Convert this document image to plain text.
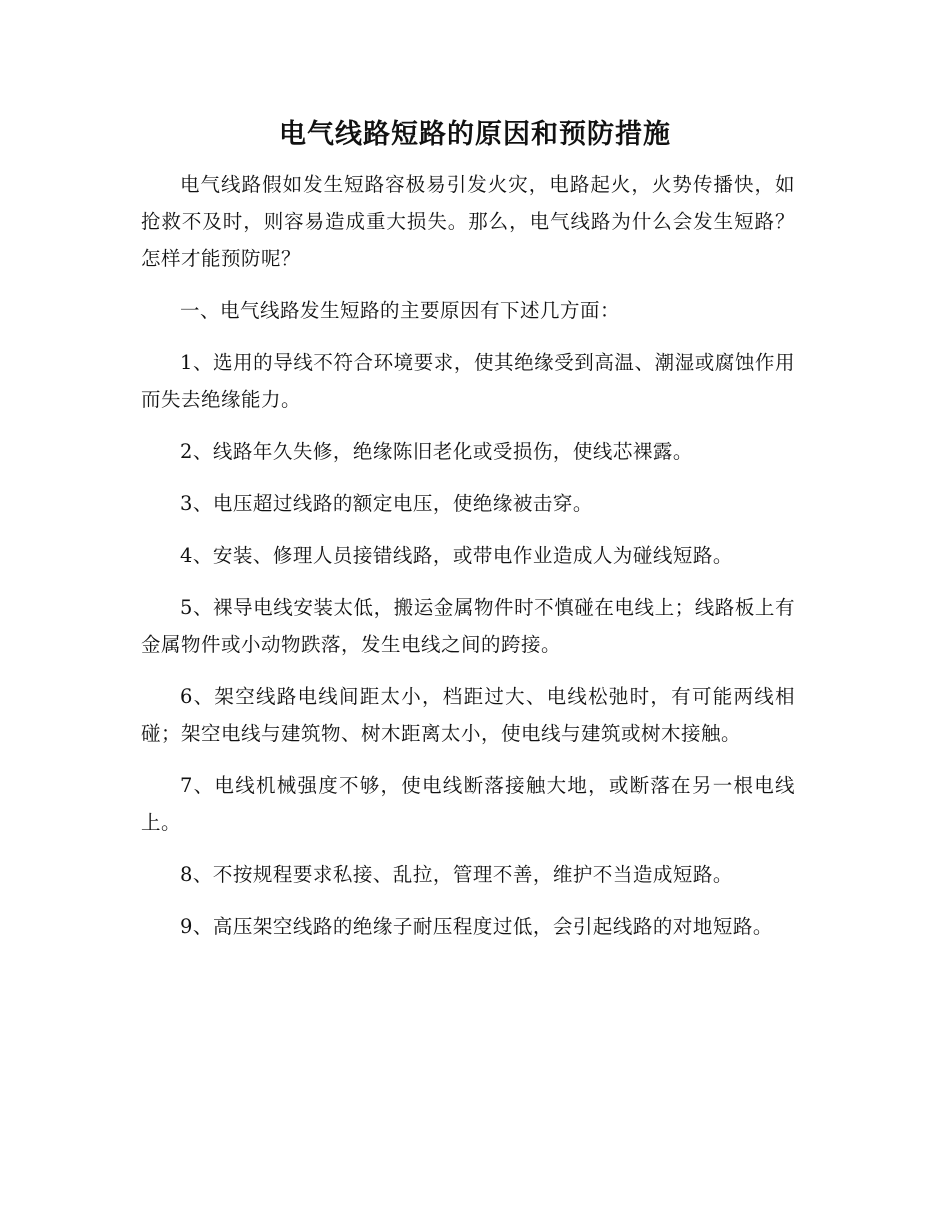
电气线路短路的原因和预防措施

电气线路假如发生短路容极易引发火灾，电路起火，火势传播快，如抢救不及时，则容易造成重大损失。那么，电气线路为什么会发生短路？怎样才能预防呢？

一、电气线路发生短路的主要原因有下述几方面：

1、选用的导线不符合环境要求，使其绝缘受到高温、潮湿或腐蚀作用而失去绝缘能力。

2、线路年久失修，绝缘陈旧老化或受损伤，使线芯裸露。

3、电压超过线路的额定电压，使绝缘被击穿。

4、安装、修理人员接错线路，或带电作业造成人为碰线短路。

5、裸导电线安装太低，搬运金属物件时不慎碰在电线上；线路板上有金属物件或小动物跌落，发生电线之间的跨接。

6、架空线路电线间距太小，档距过大、电线松弛时，有可能两线相碰；架空电线与建筑物、树木距离太小，使电线与建筑或树木接触。

7、电线机械强度不够，使电线断落接触大地，或断落在另一根电线上。

8、不按规程要求私接、乱拉，管理不善，维护不当造成短路。

9、高压架空线路的绝缘子耐压程度过低，会引起线路的对地短路。
